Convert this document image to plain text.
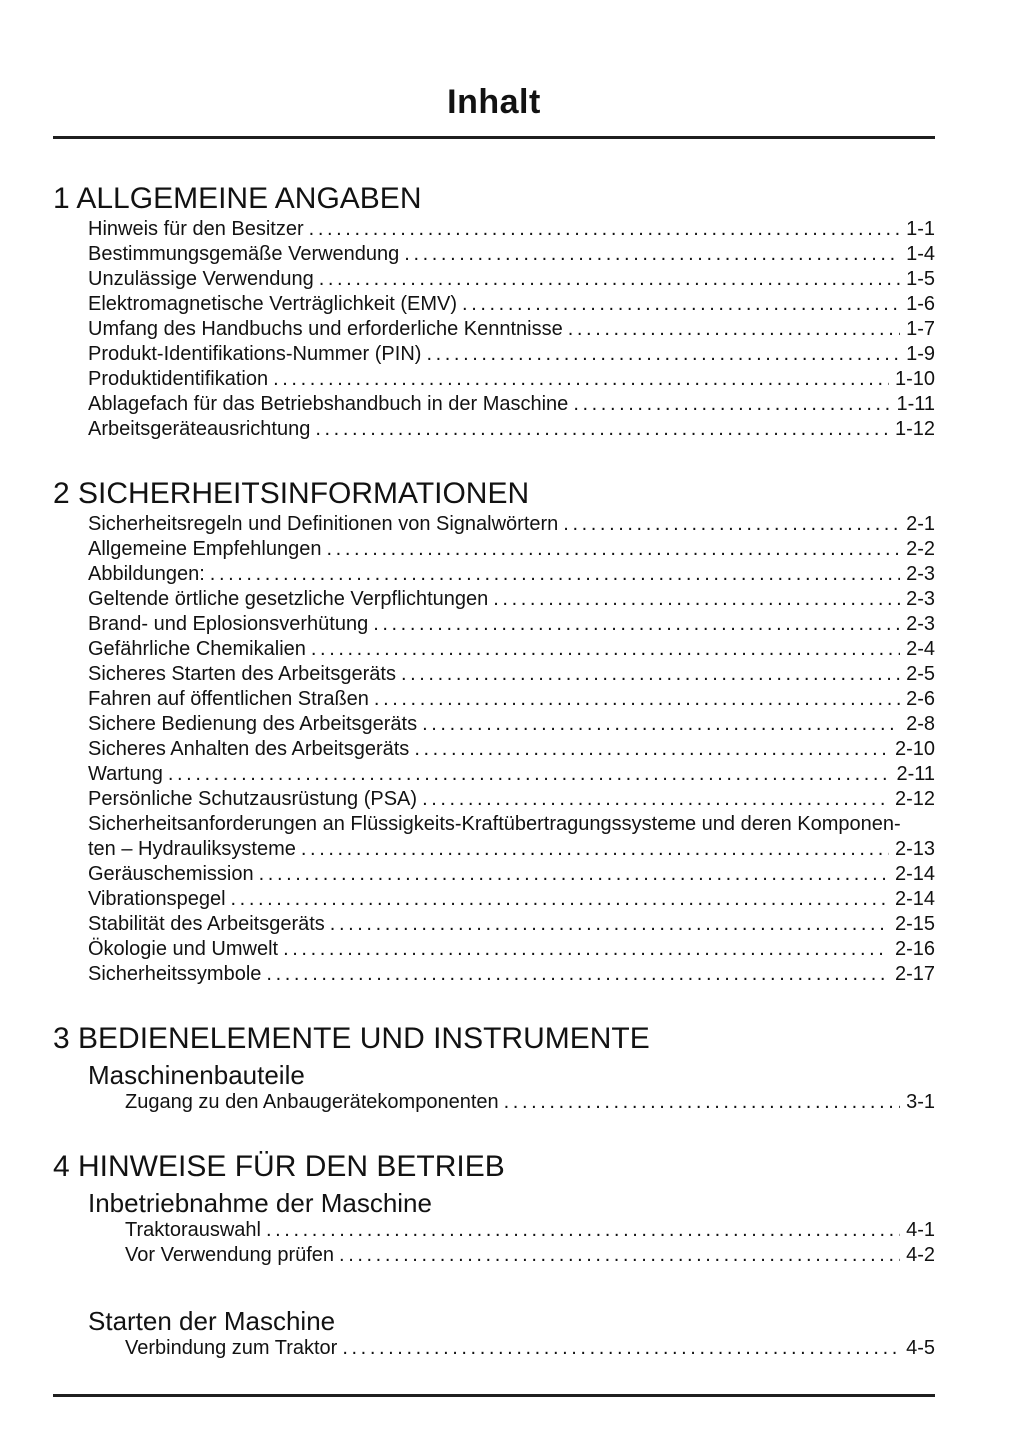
Inhalt
1 ALLGEMEINE ANGABEN
Hinweis für den Besitzer .....	1-1
Bestimmungsgemäße Verwendung .....	1-4
Unzulässige Verwendung .....	1-5
Elektromagnetische Verträglichkeit (EMV) .....	1-6
Umfang des Handbuchs und erforderliche Kenntnisse .....	1-7
Produkt-Identifikations-Nummer (PIN) .....	1-9
Produktidentifikation .....	1-10
Ablagefach für das Betriebshandbuch in der Maschine .....	1-11
Arbeitsgeräteausrichtung .....	1-12
2 SICHERHEITSINFORMATIONEN
Sicherheitsregeln und Definitionen von Signalwörtern .....	2-1
Allgemeine Empfehlungen .....	2-2
Abbildungen: .....	2-3
Geltende örtliche gesetzliche Verpflichtungen .....	2-3
Brand- und Eplosionsverhütung .....	2-3
Gefährliche Chemikalien .....	2-4
Sicheres Starten des Arbeitsgeräts .....	2-5
Fahren auf öffentlichen Straßen .....	2-6
Sichere Bedienung des Arbeitsgeräts .....	2-8
Sicheres Anhalten des Arbeitsgeräts .....	2-10
Wartung .....	2-11
Persönliche Schutzausrüstung (PSA) .....	2-12
Sicherheitsanforderungen an Flüssigkeits-Kraftübertragungssysteme und deren Komponen-
ten – Hydrauliksysteme .....	2-13
Geräuschemission .....	2-14
Vibrationspegel .....	2-14
Stabilität des Arbeitsgeräts .....	2-15
Ökologie und Umwelt .....	2-16
Sicherheitssymbole .....	2-17
3 BEDIENELEMENTE UND INSTRUMENTE
Maschinenbauteile
Zugang zu den Anbaugerätekomponenten .....	3-1
4 HINWEISE FÜR DEN BETRIEB
Inbetriebnahme der Maschine
Traktorauswahl .....	4-1
Vor Verwendung prüfen .....	4-2
Starten der Maschine
Verbindung zum Traktor .....	4-5
